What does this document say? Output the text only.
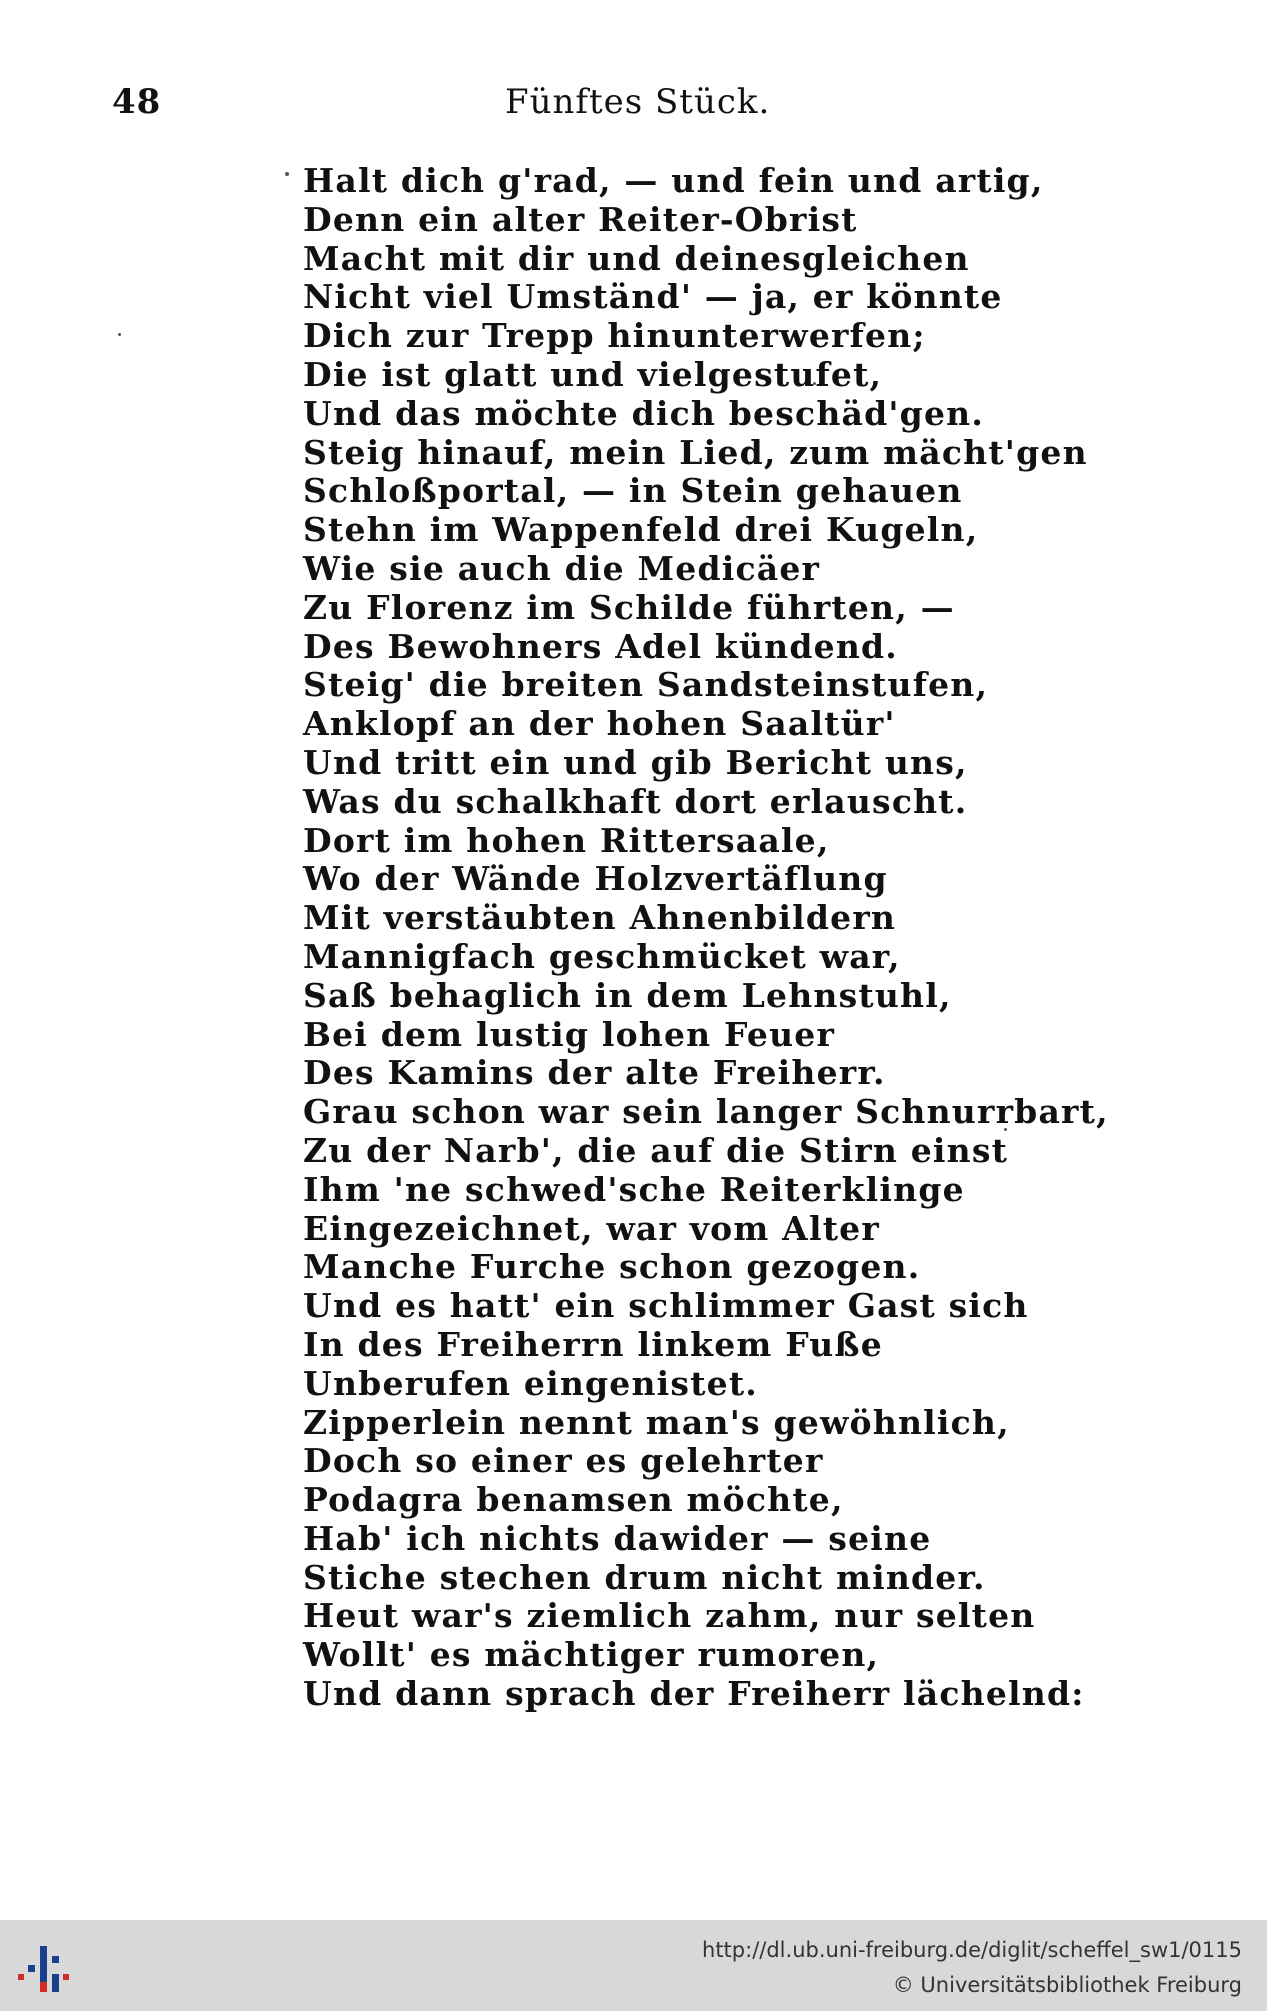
48	Fünftes Stück.
Halt dich g'rad, — und fein und artig,
Denn ein alter Reiter-Obrist
Macht mit dir und deinesgleichen
Nicht viel Umständ' — ja, er könnte
Dich zur Trepp hinunterwerfen;
Die ist glatt und vielgestufet,
Und das möchte dich beschäd'gen.
Steig hinauf, mein Lied, zum mächt'gen
Schloßportal, — in Stein gehauen
Stehn im Wappenfeld drei Kugeln,
Wie sie auch die Medicäer
Zu Florenz im Schilde führten, —
Des Bewohners Adel kündend.
Steig' die breiten Sandsteinstufen,
Anklopf an der hohen Saaltür'
Und tritt ein und gib Bericht uns,
Was du schalkhaft dort erlauscht.
Dort im hohen Rittersaale,
Wo der Wände Holzvertäflung
Mit verstäubten Ahnenbildern
Mannigfach geschmücket war,
Saß behaglich in dem Lehnstuhl,
Bei dem lustig lohen Feuer
Des Kamins der alte Freiherr.
Grau schon war sein langer Schnurrbart,
Zu der Narb', die auf die Stirn einst
Ihm 'ne schwed'sche Reiterklinge
Eingezeichnet, war vom Alter
Manche Furche schon gezogen.
Und es hatt' ein schlimmer Gast sich
In des Freiherrn linkem Fuße
Unberufen eingenistet.
Zipperlein nennt man's gewöhnlich,
Doch so einer es gelehrter
Podagra benamsen möchte,
Hab' ich nichts dawider — seine
Stiche stechen drum nicht minder.
Heut war's ziemlich zahm, nur selten
Wollt' es mächtiger rumoren,
Und dann sprach der Freiherr lächelnd:
http://dl.ub.uni-freiburg.de/diglit/scheffel_sw1/0115
© Universitätsbibliothek Freiburg
